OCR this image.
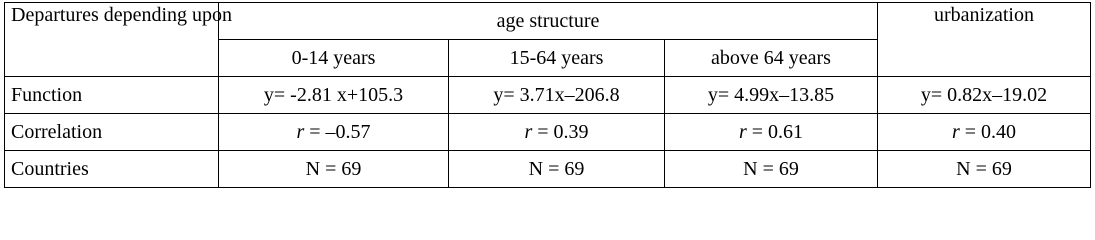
Departures depending upon	age structure			urbanization
	0-14 years	15-64 years	above 64 years	
Function	y= -2.81 x+105.3	y= 3.71x–206.8	y= 4.99x–13.85	y= 0.82x–19.02
Correlation	r = –0.57	r = 0.39	r = 0.61	r = 0.40
Countries	N = 69	N = 69	N = 69	N = 69
